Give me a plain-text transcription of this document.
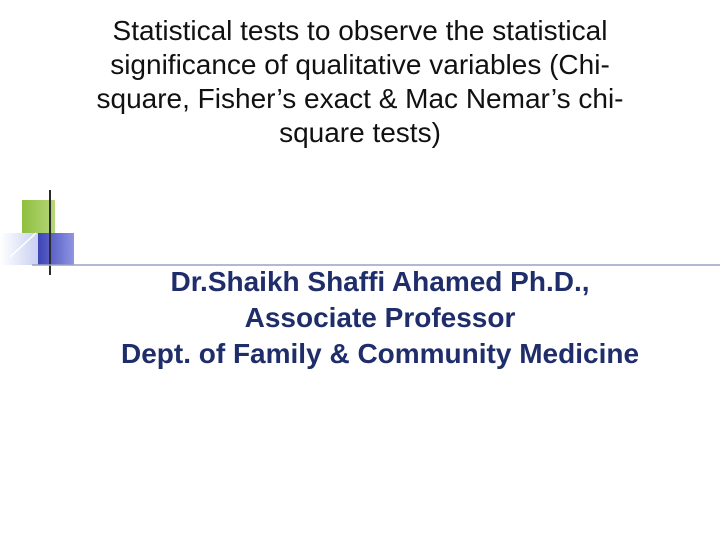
Statistical tests to observe the statistical
significance of qualitative variables (Chi-
square, Fisher’s exact & Mac Nemar’s chi-
square tests)
Dr.Shaikh Shaffi Ahamed Ph.D.,
Associate Professor
Dept. of Family & Community Medicine
